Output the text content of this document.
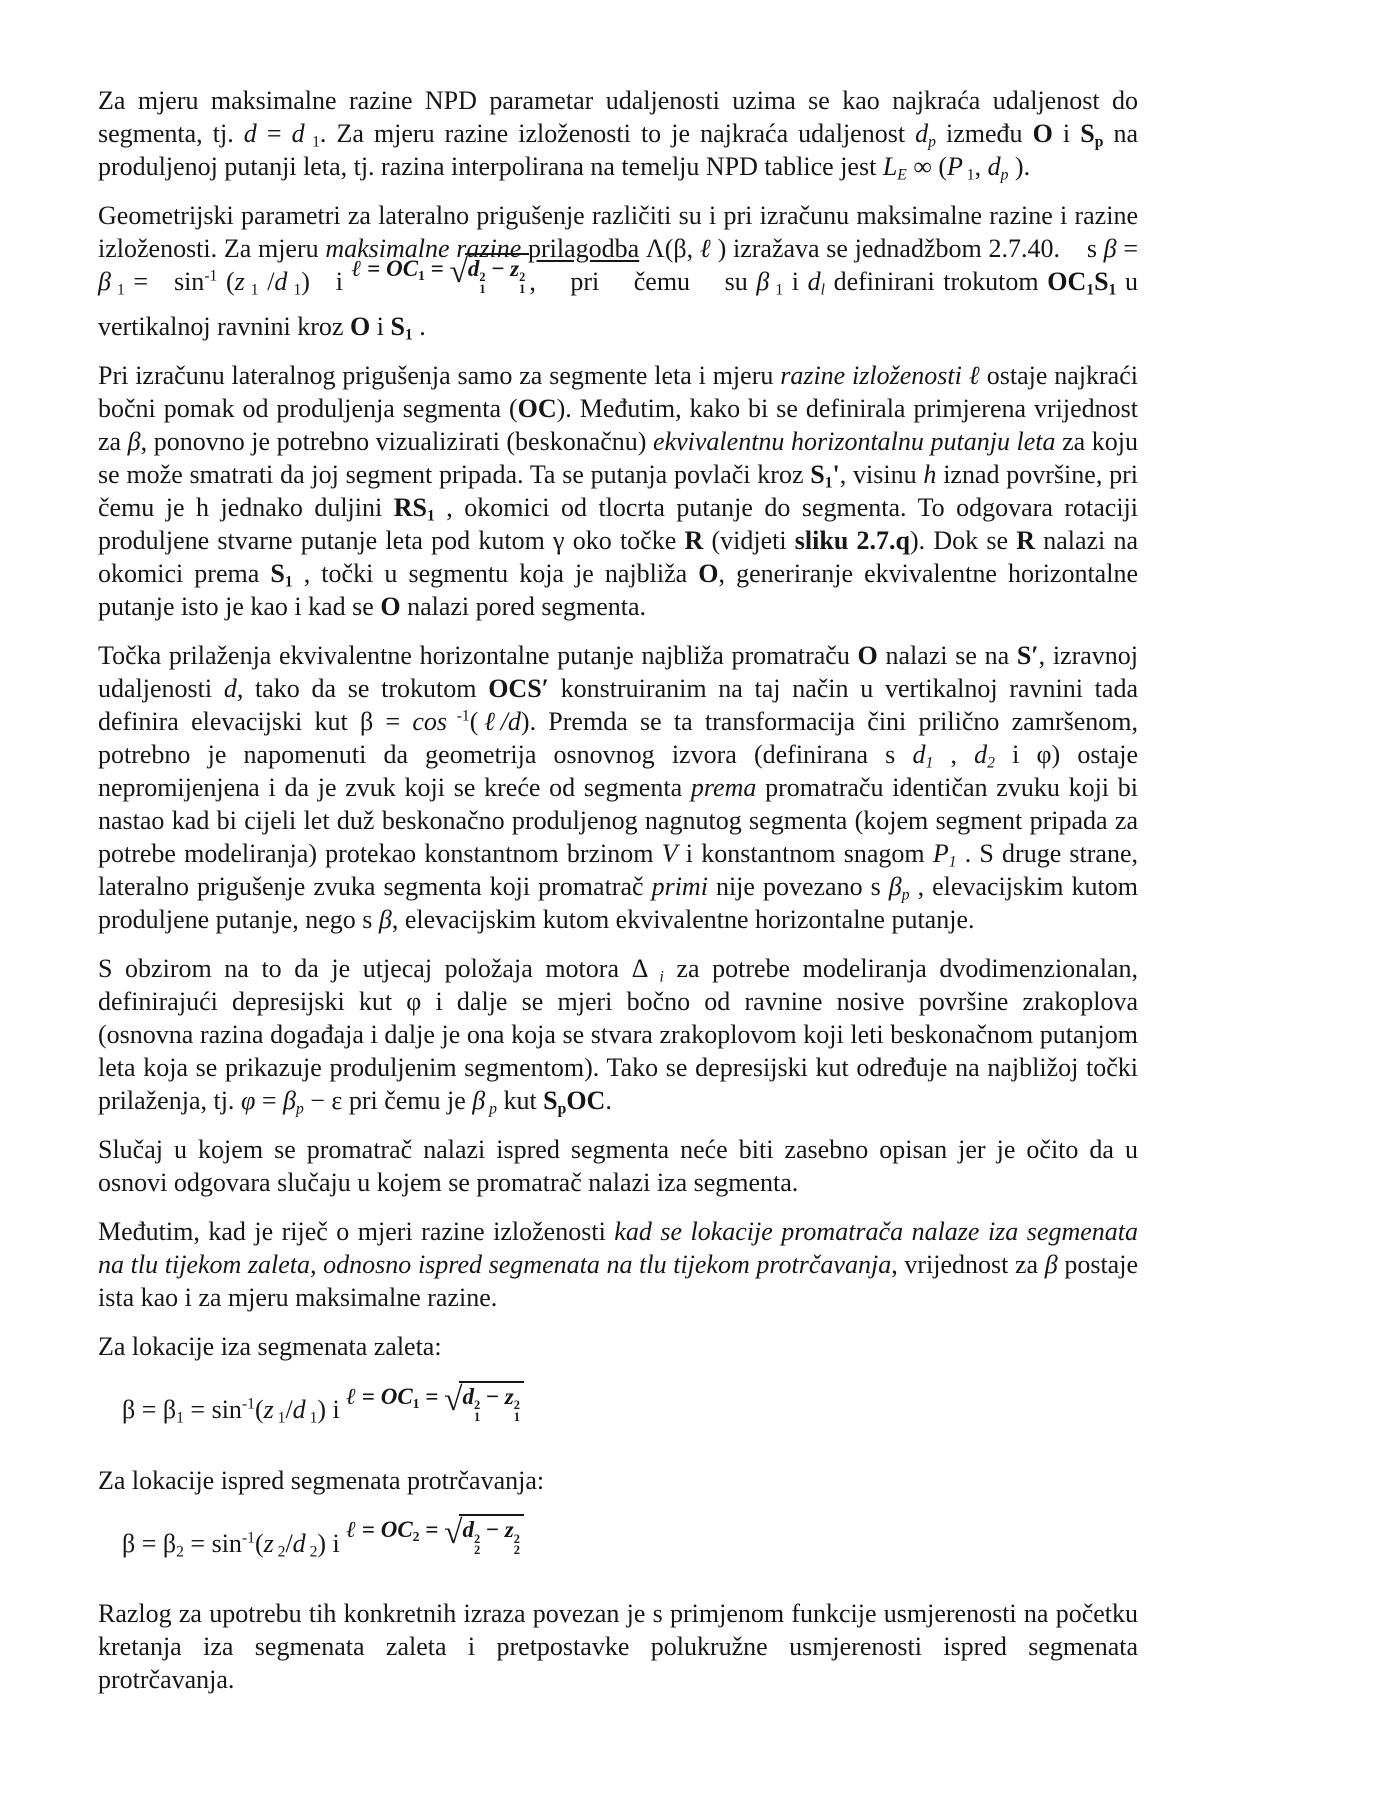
Za mjeru maksimalne razine NPD parametar udaljenosti uzima se kao najkraća udaljenost do segmenta, tj. d = d $_1$. Za mjeru razine izloženosti to je najkraća udaljenost $d_p$ između O i $S_p$ na produljenoj putanji leta, tj. razina interpolirana na temelju NPD tablice jest $L_E$ ∞ (P $_1$, $d_p$ ).

Geometrijski parametri za lateralno prigušenje različiti su i pri izračunu maksimalne razine i razine izloženosti. Za mjeru maksimalne razine prilagodba Λ(β, ℓ ) izražava se jednadžbom 2.7.40.    s β = β $_1 = \sin^{-1} (z$ $_1$ /d $_1$)   i ℓ = $OC_1 = √d$ 2
1
− z 2
1 ,    pri    čemu    su β $_1$ i $d_l$ definirani trokutom $OC_1S_1$ u vertikalnoj ravnini kroz O i $S_1$ .

Pri izračunu lateralnog prigušenja samo za segmente leta i mjeru razine izloženosti ℓ ostaje najkraći bočni pomak od produljenja segmenta (OC). Međutim, kako bi se definirala primjerena vrijednost za β, ponovno je potrebno vizualizirati (beskonačnu) ekvivalentnu horizontalnu putanju leta za koju se može smatrati da joj segment pripada. Ta se putanja povlači kroz $S_1'$, visinu h iznad površine, pri čemu je h jednako duljini $RS_1$ , okomici od tlocrta putanje do segmenta. To odgovara rotaciji produljene stvarne putanje leta pod kutom γ oko točke R (vidjeti sliku 2.7.q). Dok se R nalazi na okomici prema $S_1$ , točki u segmentu koja je najbliža O, generiranje ekvivalentne horizontalne putanje isto je kao i kad se O nalazi pored segmenta.

Točka prilaženja ekvivalentne horizontalne putanje najbliža promatraču O nalazi se na S′, izravnoj udaljenosti d, tako da se trokutom OCS′ konstruiranim na taj način u vertikalnoj ravnini tada definira elevacijski kut β = cos $^{-1}$(ℓ/d). Premda se ta transformacija čini prilično zamršenom, potrebno je napomenuti da geometrija osnovnog izvora (definirana s $d_1$ , $d_2$ i φ) ostaje nepromijenjena i da je zvuk koji se kreće od segmenta prema promatraču identičan zvuku koji bi nastao kad bi cijeli let duž beskonačno produljenog nagnutog segmenta (kojem segment pripada za potrebe modeliranja) protekao konstantnom brzinom V i konstantnom snagom $P_1$ . S druge strane, lateralno prigušenje zvuka segmenta koji promatrač primi nije povezano s $\beta_p$ , elevacijskim kutom produljene putanje, nego s β, elevacijskim kutom ekvivalentne horizontalne putanje.

S obzirom na to da je utjecaj položaja motora Δ $_i$ za potrebe modeliranja dvodimenzionalan, definirajući depresijski kut φ i dalje se mjeri bočno od ravnine nosive površine zrakoplova (osnovna razina događaja i dalje je ona koja se stvara zrakoplovom koji leti beskonačnom putanjom leta koja se prikazuje produljenim segmentom). Tako se depresijski kut određuje na najbližoj točki prilaženja, tj. $\varphi = \beta_p - \varepsilon$ pri čemu je β $_p$ kut $S_pOC$.

Slučaj u kojem se promatrač nalazi ispred segmenta neće biti zasebno opisan jer je očito da u osnovi odgovara slučaju u kojem se promatrač nalazi iza segmenta.

Međutim, kad je riječ o mjeri razine izloženosti kad se lokacije promatrača nalaze iza segmenata na tlu tijekom zaleta, odnosno ispred segmenata na tlu tijekom protrčavanja, vrijednost za β postaje ista kao i za mjeru maksimalne razine.

Za lokacije iza segmenata zaleta:

$\beta = \beta_1 = \sin^{-1}(z$ $_1$/d $_1$) i ℓ = $OC_1 = √d$ 2
1
− z 2
1

Za lokacije ispred segmenata protrčavanja:

$\beta = \beta_2 = \sin^{-1}(z$ $_2$/d $_2$) i ℓ = $OC_2 = √d$ 2
2
− z 2
2

Razlog za upotrebu tih konkretnih izraza povezan je s primjenom funkcije usmjerenosti na početku kretanja iza segmenata zaleta i pretpostavke polukružne usmjerenosti ispred segmenata protrčavanja.
